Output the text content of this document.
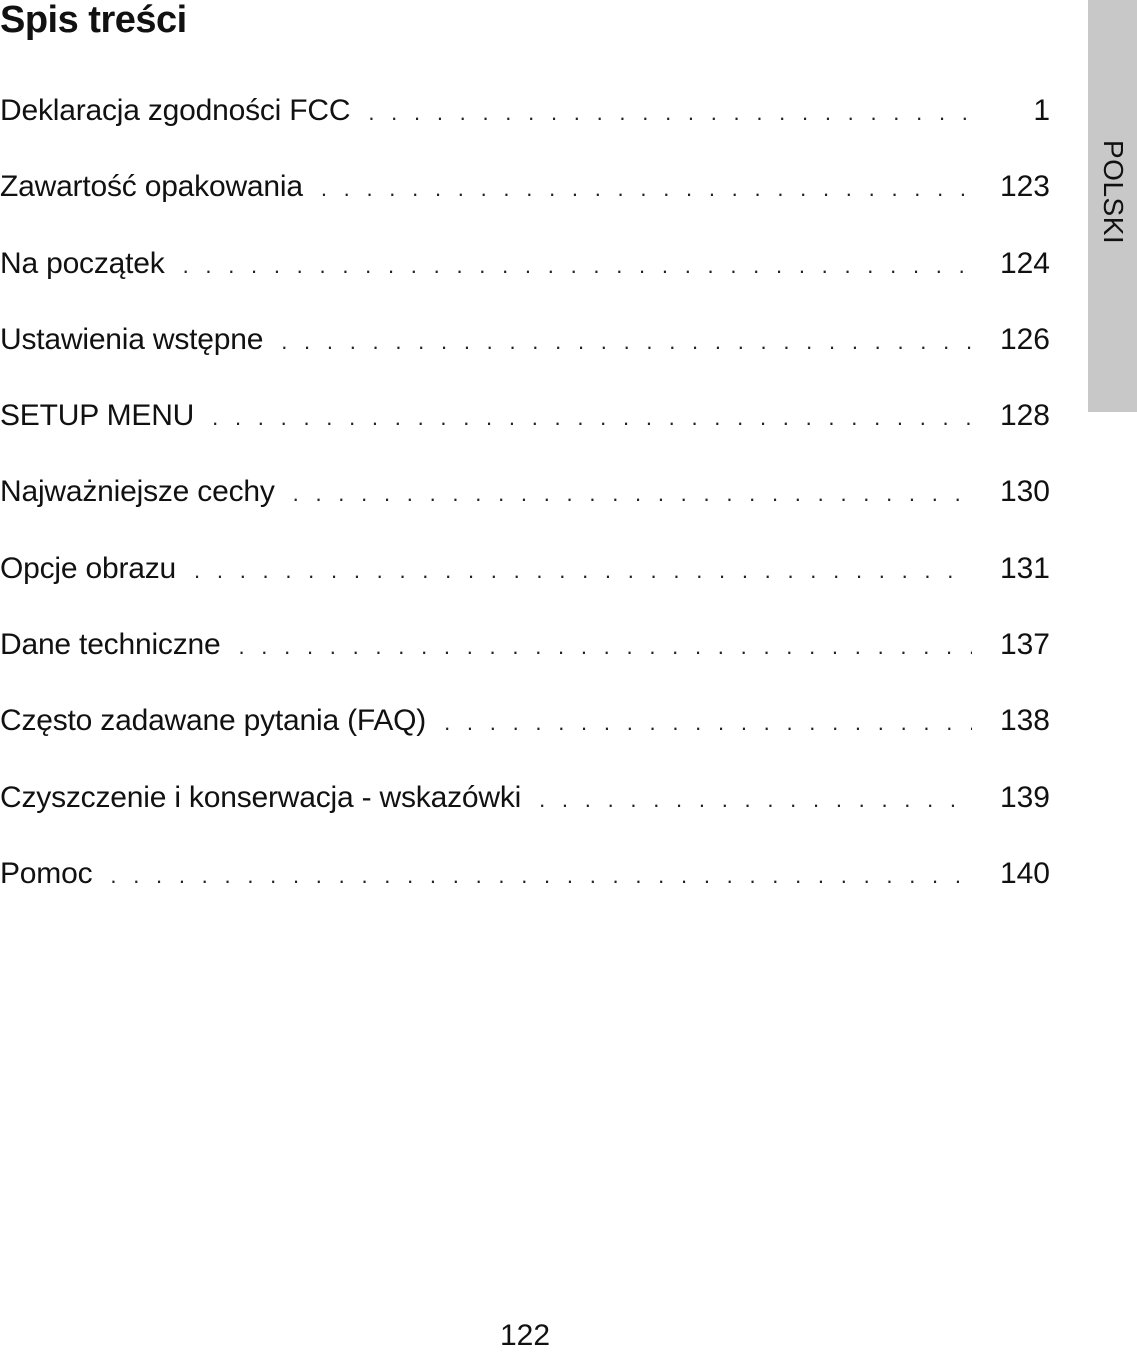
Spis treści
Deklaracja zgodności FCC . . .	1
Zawartość opakowania . . .	123
Na początek . . .	124
Ustawienia wstępne . . .	126
SETUP MENU . . .	128
Najważniejsze cechy . . .	130
Opcje obrazu . . .	131
Dane techniczne . . .	137
Często zadawane pytania (FAQ) . . .	138
Czyszczenie i konserwacja - wskazówki . . .	139
Pomoc . . .	140
POLSKI
122
